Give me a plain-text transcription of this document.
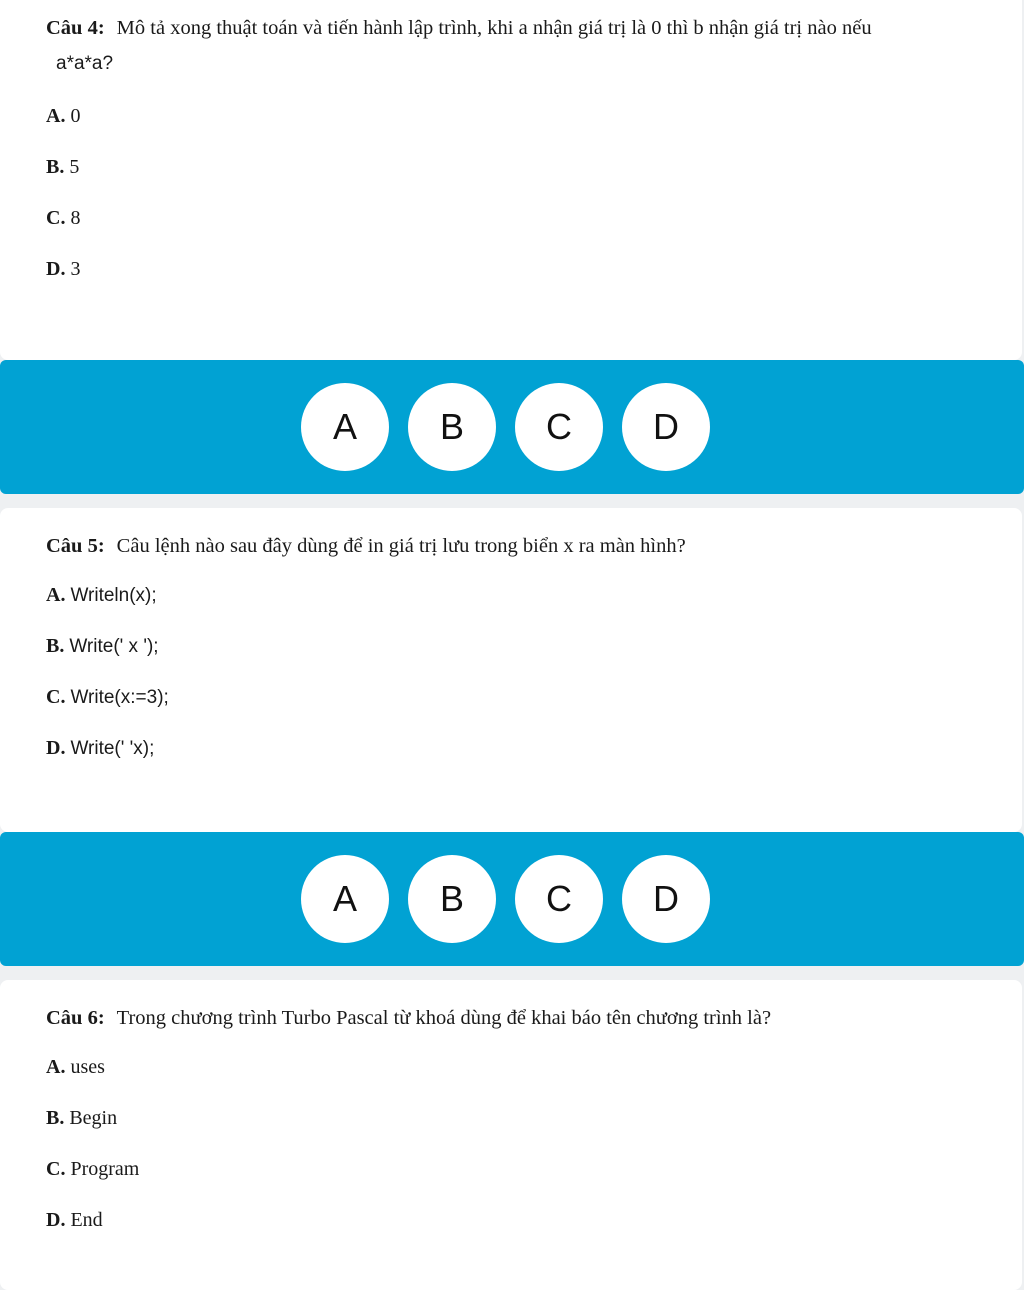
Câu 4: Mô tả xong thuật toán và tiến hành lập trình, khi a nhận giá trị là 0 thì b nhận giá trị nào nếu
a*a*a?

A. 0
B. 5
C. 8
D. 3
A	B	C	D

Câu 5: Câu lệnh nào sau đây dùng để in giá trị lưu trong biển x ra màn hình?

A. Writeln(x);
B. Write(' x ');
C. Write(x:=3);
D. Write(' 'x);
A	B	C	D

Câu 6: Trong chương trình Turbo Pascal từ khoá dùng để khai báo tên chương trình là?

A. uses
B. Begin
C. Program
D. End
